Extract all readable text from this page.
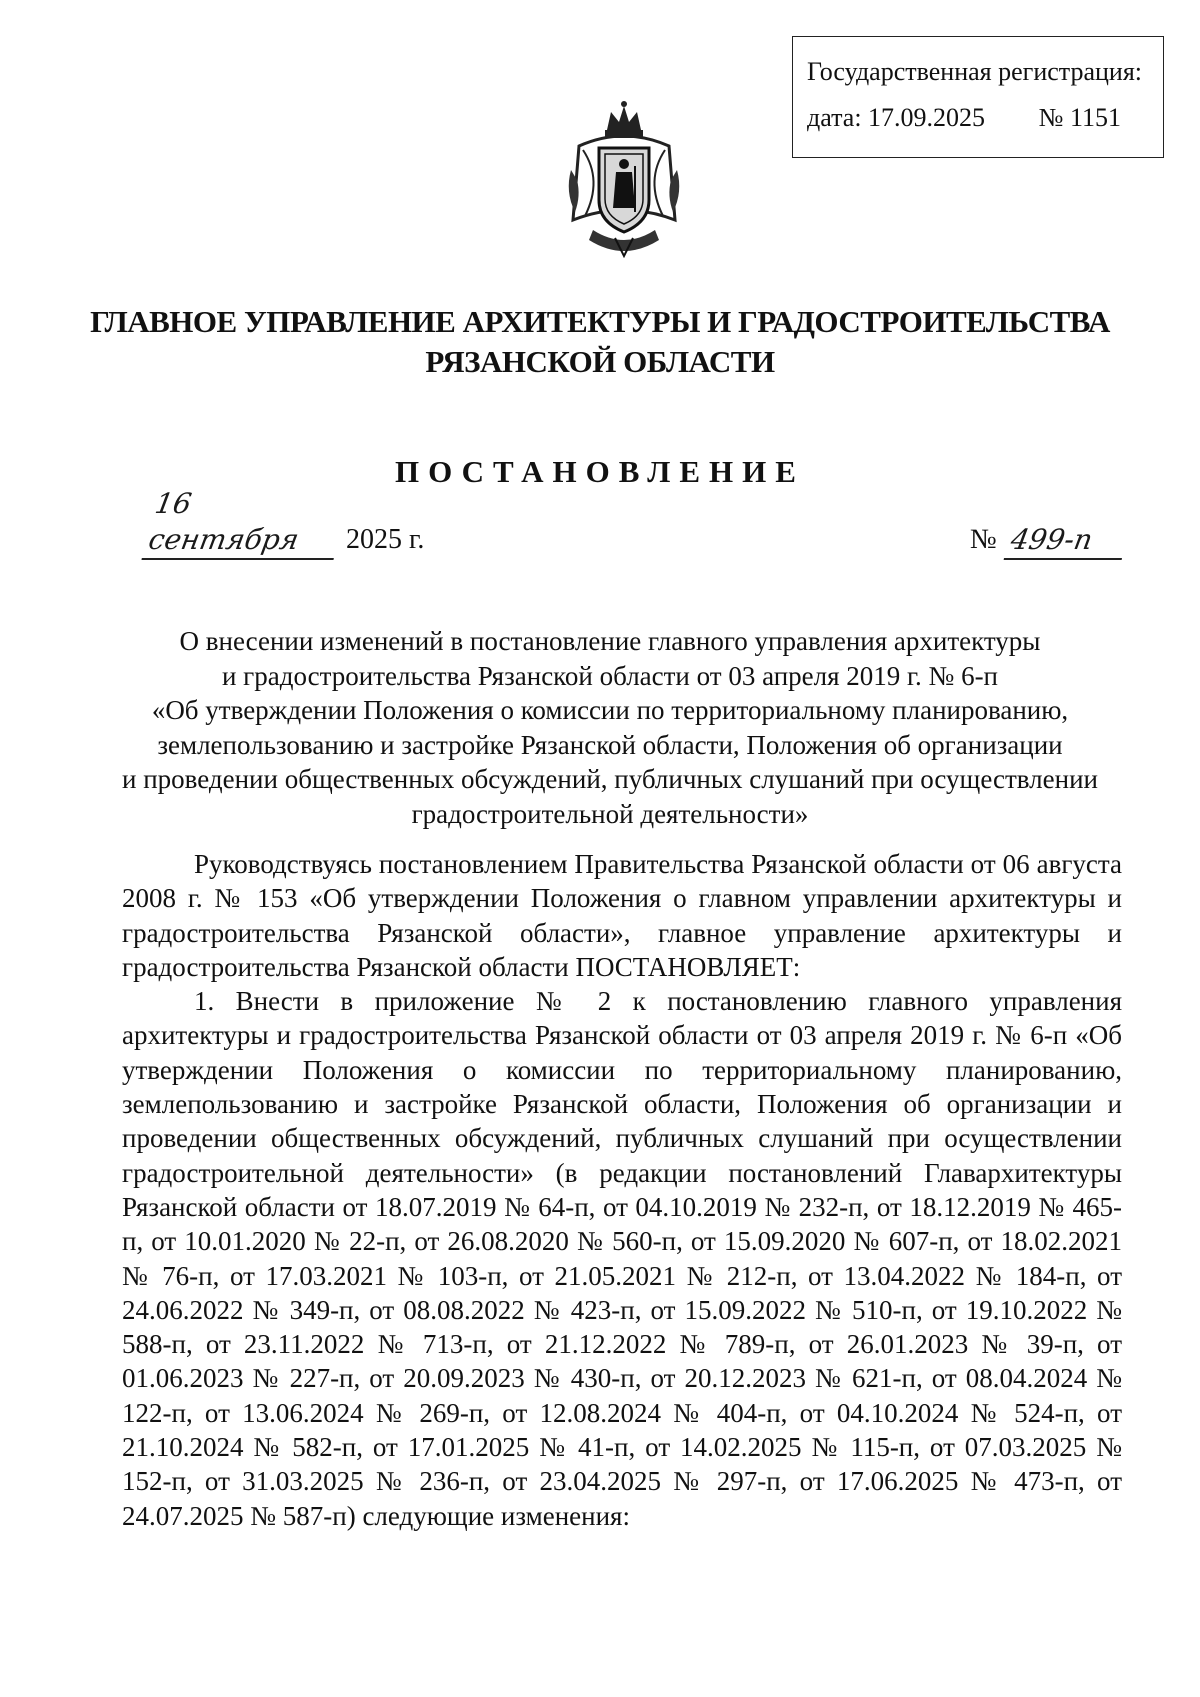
Государственная регистрация:
дата: 17.09.2025 № 1151
ГЛАВНОЕ УПРАВЛЕНИЕ АРХИТЕКТУРЫ И ГРАДОСТРОИТЕЛЬСТВА
РЯЗАНСКОЙ ОБЛАСТИ
ПОСТАНОВЛЕНИЕ
16 сентября	2025 г.	№ 499-п
О внесении изменений в постановление главного управления архитектуры
и градостроительства Рязанской области от 03 апреля 2019 г. № 6-п
«Об утверждении Положения о комиссии по территориальному планированию,
землепользованию и застройке Рязанской области, Положения об организации
и проведении общественных обсуждений, публичных слушаний при осуществлении
градостроительной деятельности»

Руководствуясь постановлением Правительства Рязанской области от 06 августа 2008 г. № 153 «Об утверждении Положения о главном управлении архитектуры и градостроительства Рязанской области», главное управление архитектуры и градостроительства Рязанской области ПОСТАНОВЛЯЕТ:

1. Внести в приложение № 2 к постановлению главного управления архитектуры и градостроительства Рязанской области от 03 апреля 2019 г. № 6-п «Об утверждении Положения о комиссии по территориальному планированию, землепользованию и застройке Рязанской области, Положения об организации и проведении общественных обсуждений, публичных слушаний при осуществлении градостроительной деятельности» (в редакции постановлений Главархитектуры Рязанской области от 18.07.2019 № 64-п, от 04.10.2019 № 232-п, от 18.12.2019 № 465-п, от 10.01.2020 № 22-п, от 26.08.2020 № 560-п, от 15.09.2020 № 607-п, от 18.02.2021 № 76-п, от 17.03.2021 № 103-п, от 21.05.2021 № 212-п, от 13.04.2022 № 184-п, от 24.06.2022 № 349-п, от 08.08.2022 № 423-п, от 15.09.2022 № 510-п, от 19.10.2022 № 588-п, от 23.11.2022 № 713-п, от 21.12.2022 № 789-п, от 26.01.2023 № 39-п, от 01.06.2023 № 227-п, от 20.09.2023 № 430-п, от 20.12.2023 № 621-п, от 08.04.2024 № 122-п, от 13.06.2024 № 269-п, от 12.08.2024 № 404-п, от 04.10.2024 № 524-п, от 21.10.2024 № 582-п, от 17.01.2025 № 41-п, от 14.02.2025 № 115-п, от 07.03.2025 № 152-п, от 31.03.2025 № 236-п, от 23.04.2025 № 297-п, от 17.06.2025 № 473-п, от 24.07.2025 № 587-п) следующие изменения:
